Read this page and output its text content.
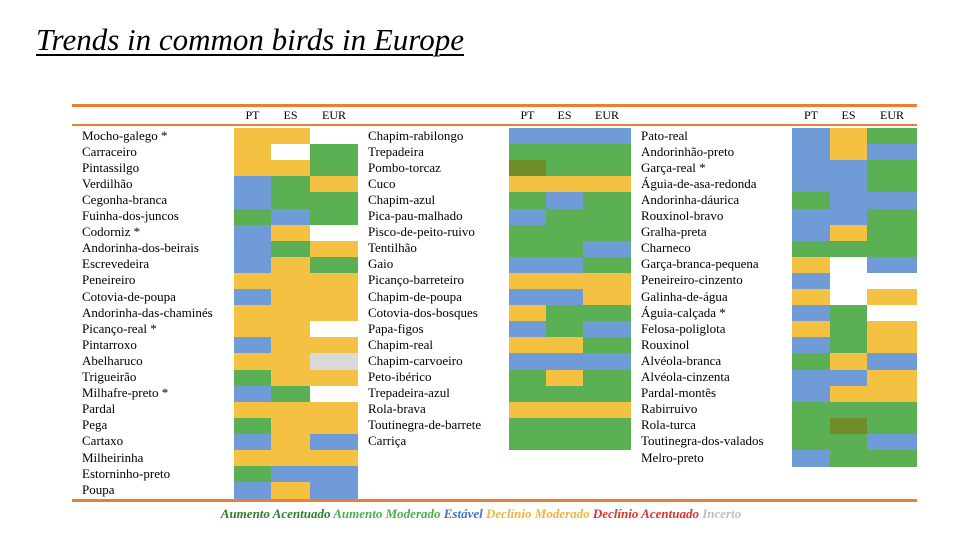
Trends in common birds in Europe
PT	ES	EUR
Mocho-galego *
Carraceiro
Pintassilgo
Verdilhão
Cegonha-branca
Fuinha-dos-juncos
Codorniz *
Andorinha-dos-beirais
Escrevedeira
Peneireiro
Cotovia-de-poupa
Andorinha-das-chaminés
Picanço-real *
Pintarroxo
Abelharuco
Trigueirão
Milhafre-preto *
Pardal
Pega
Cartaxo
Milheirinha
Estorninho-preto
Poupa
PT	ES	EUR
Chapim-rabilongo
Trepadeira
Pombo-torcaz
Cuco
Chapim-azul
Pica-pau-malhado
Pisco-de-peito-ruivo
Tentilhão
Gaio
Picanço-barreteiro
Chapim-de-poupa
Cotovia-dos-bosques
Papa-figos
Chapim-real
Chapim-carvoeiro
Peto-ibérico
Trepadeira-azul
Rola-brava
Toutinegra-de-barrete
Carriça
PT	ES	EUR
Pato-real
Andorinhão-preto
Garça-real *
Águia-de-asa-redonda
Andorinha-dáurica
Rouxinol-bravo
Gralha-preta
Charneco
Garça-branca-pequena
Peneireiro-cinzento
Galinha-de-água
Águia-calçada *
Felosa-poliglota
Rouxinol
Alvéola-branca
Alvéola-cinzenta
Pardal-montês
Rabirruivo
Rola-turca
Toutinegra-dos-valados
Melro-preto
Aumento Acentuado Aumento Moderado Estável Declínio Moderado Declínio Acentuado Incerto
